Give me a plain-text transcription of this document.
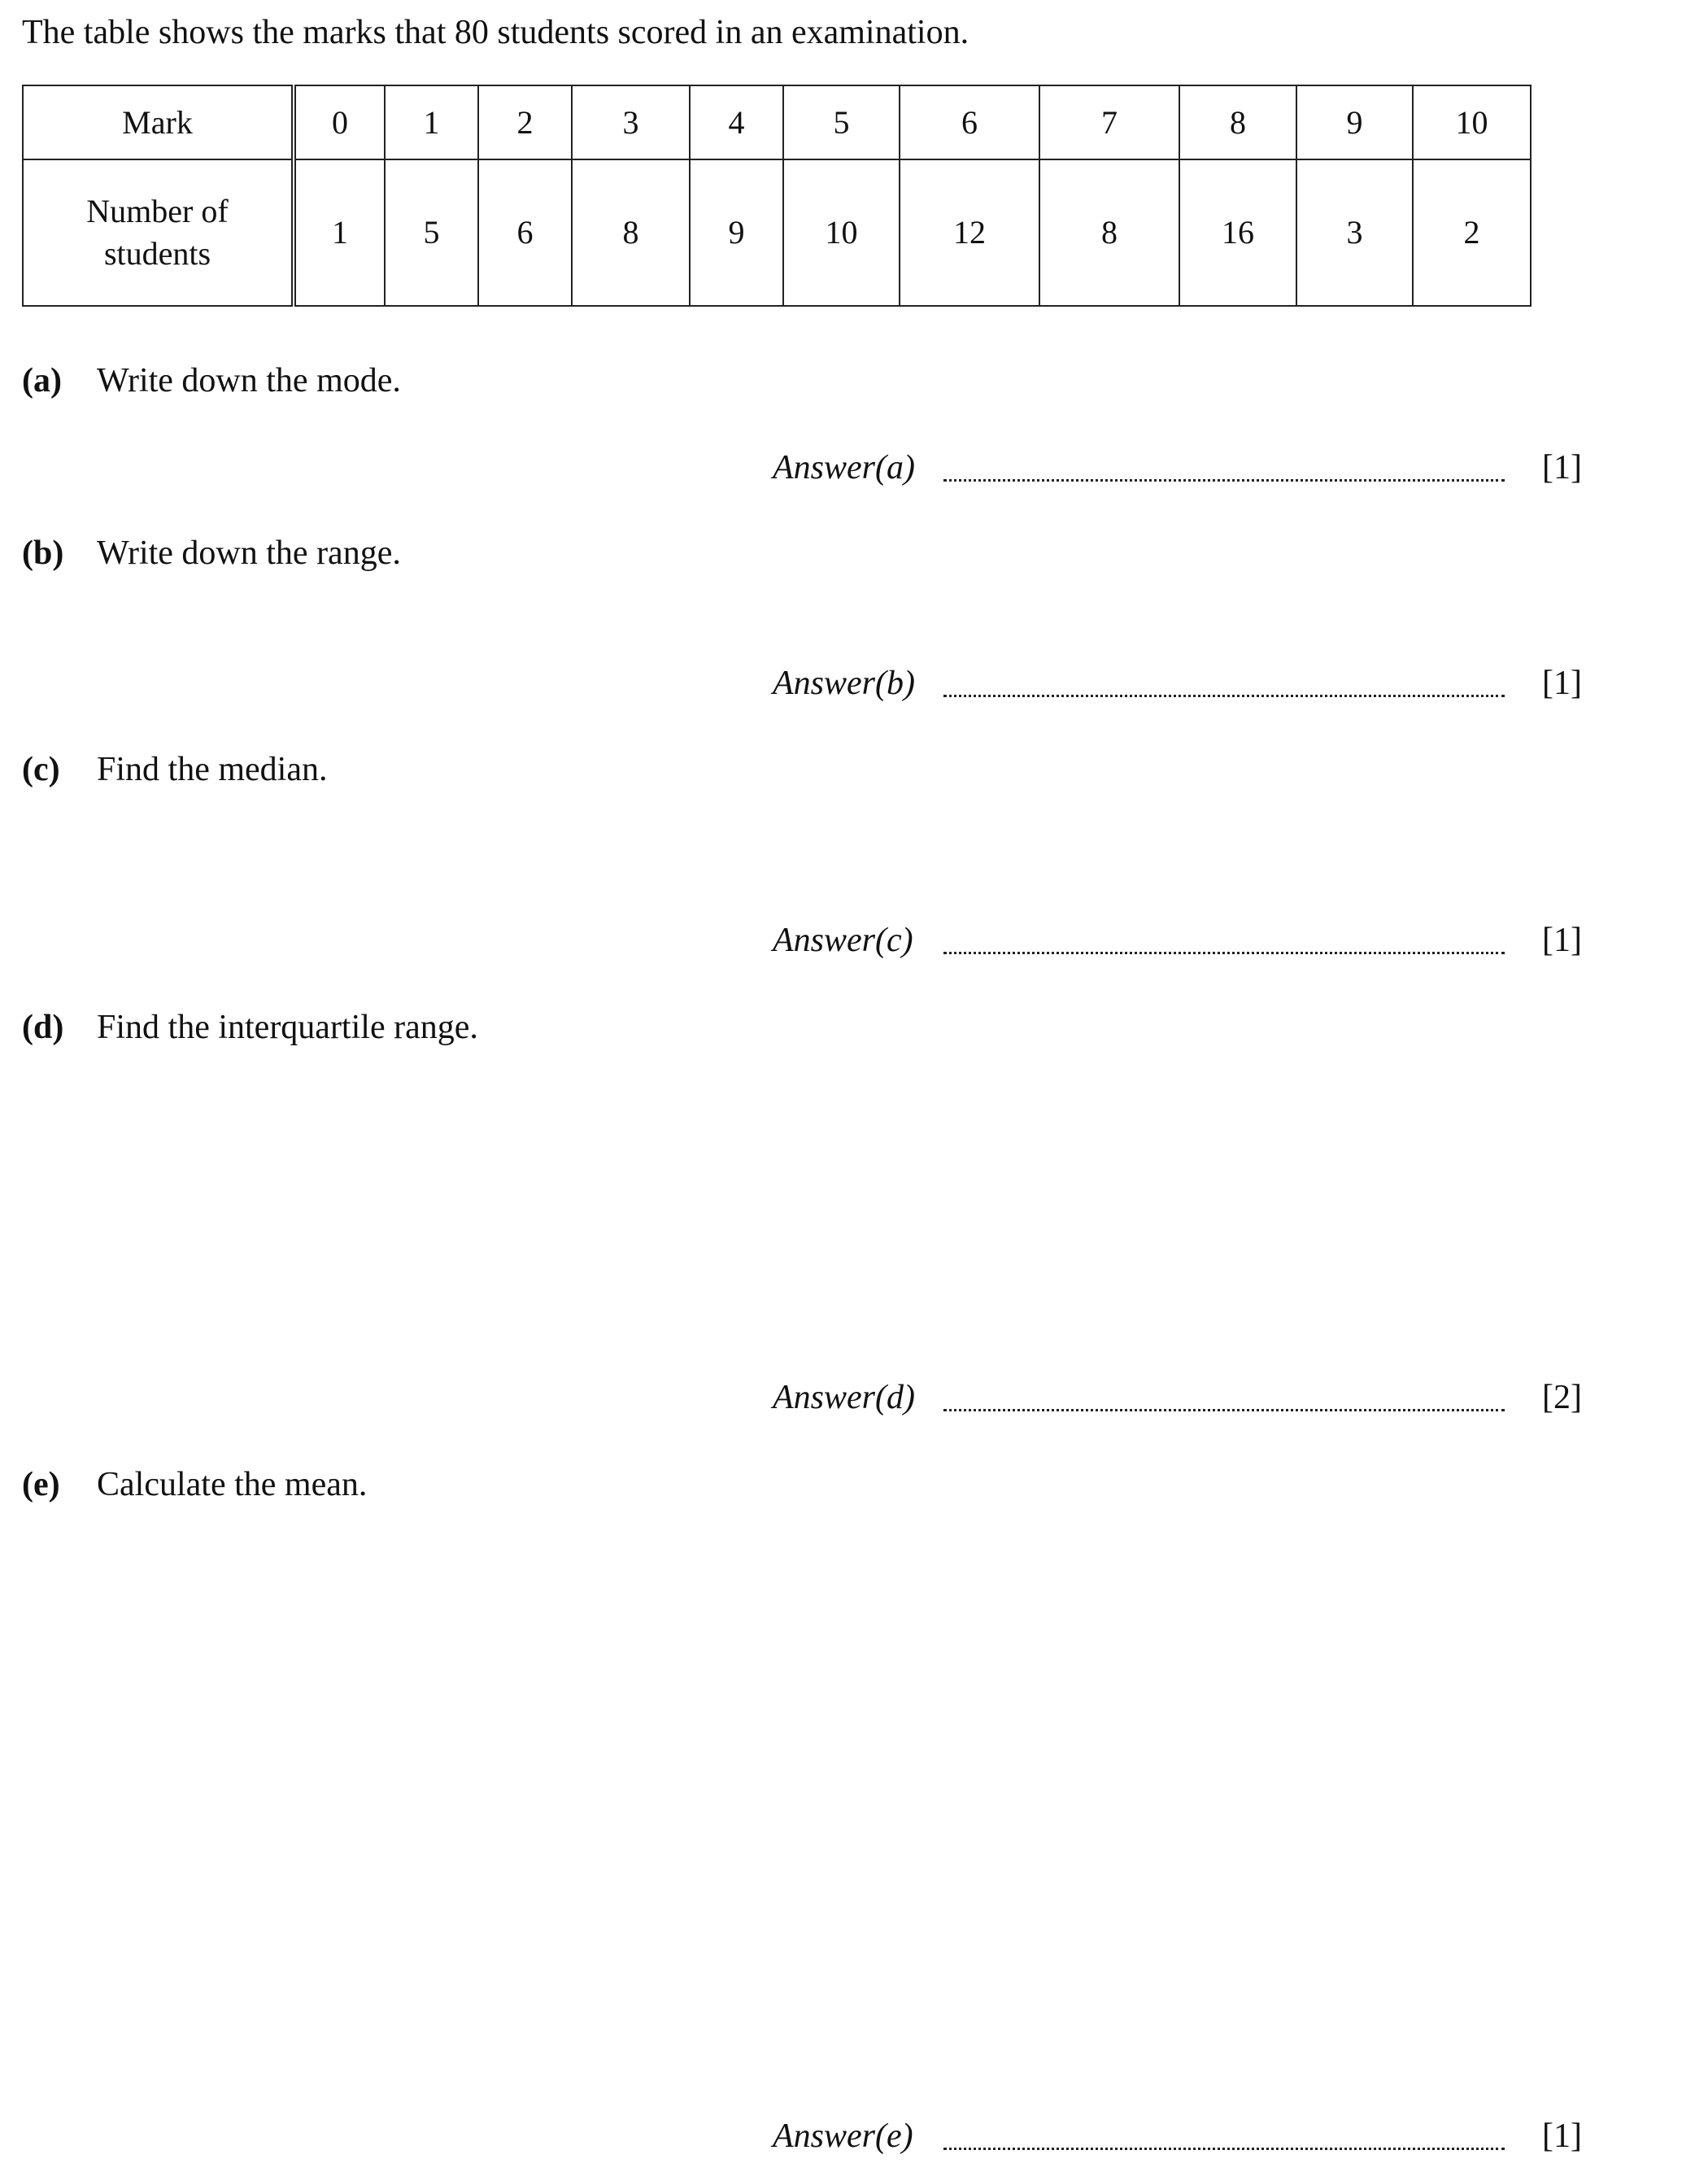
The table shows the marks that 80 students scored in an examination.
Mark	0	1	2	3	4	5	6	7	8	9	10
Number of students	1	5	6	8	9	10	12	8	16	3	2
(a) Write down the mode.
Answer(a)	[1]
(b) Write down the range.
Answer(b)	[1]
(c) Find the median.
Answer(c)	[1]
(d) Find the interquartile range.
Answer(d)	[2]
(e) Calculate the mean.
Answer(e)	[1]
